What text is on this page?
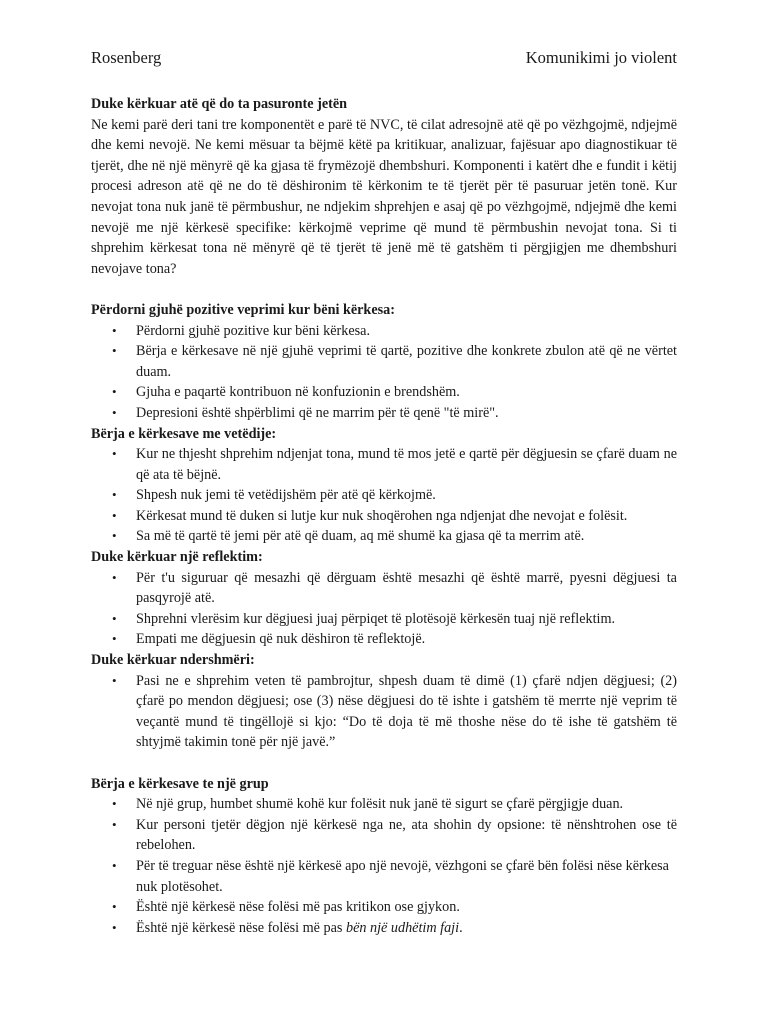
Rosenberg	Komunikimi jo violent

Duke kërkuar atë që do ta pasuronte jetën

Ne kemi parë deri tani tre komponentët e parë të NVC, të cilat adresojnë atë që po vëzhgojmë, ndjejmë dhe kemi nevojë. Ne kemi mësuar ta bëjmë këtë pa kritikuar, analizuar, fajësuar apo diagnostikuar të tjerët, dhe në një mënyrë që ka gjasa të frymëzojë dhembshuri. Komponenti i katërt dhe e fundit i këtij procesi adreson atë që ne do të dëshironim të kërkonim te të tjerët për të pasuruar jetën tonë. Kur nevojat tona nuk janë të përmbushur, ne ndjekim shprehjen e asaj që po vëzhgojmë, ndjejmë dhe kemi nevojë me një kërkesë specifike: kërkojmë veprime që mund të përmbushin nevojat tona. Si ti shprehim kërkesat tona në mënyrë që të tjerët të jenë më të gatshëm ti përgjigjen me dhembshuri nevojave tona?

Përdorni gjuhë pozitive veprimi kur bëni kërkesa:

• Përdorni gjuhë pozitive kur bëni kërkesa.
• Bërja e kërkesave në një gjuhë veprimi të qartë, pozitive dhe konkrete zbulon atë që ne vërtet duam.
• Gjuha e paqartë kontribuon në konfuzionin e brendshëm.
• Depresioni është shpërblimi që ne marrim për të qenë "të mirë".

Bërja e kërkesave me vetëdije:

• Kur ne thjesht shprehim ndjenjat tona, mund të mos jetë e qartë për dëgjuesin se çfarë duam ne që ata të bëjnë.
• Shpesh nuk jemi të vetëdijshëm për atë që kërkojmë.
• Kërkesat mund të duken si lutje kur nuk shoqërohen nga ndjenjat dhe nevojat e folësit.
• Sa më të qartë të jemi për atë që duam, aq më shumë ka gjasa që ta merrim atë.

Duke kërkuar një reflektim:

• Për t'u siguruar që mesazhi që dërguam është mesazhi që është marrë, pyesni dëgjuesi ta pasqyrojë atë.
• Shprehni vlerësim kur dëgjuesi juaj përpiqet të plotësojë kërkesën tuaj një reflektim.
• Empati me dëgjuesin që nuk dëshiron të reflektojë.

Duke kërkuar ndershmëri:

• Pasi ne e shprehim veten të pambrojtur, shpesh duam të dimë (1) çfarë ndjen dëgjuesi; (2) çfarë po mendon dëgjuesi; ose (3) nëse dëgjuesi do të ishte i gatshëm të merrte një veprim të veçantë mund të tingëllojë si kjo: “Do të doja të më thoshe nëse do të ishe të gatshëm të shtyjmë takimin tonë për një javë.”

Bërja e kërkesave te një grup

• Në një grup, humbet shumë kohë kur folësit nuk janë të sigurt se çfarë përgjigje duan.
• Kur personi tjetër dëgjon një kërkesë nga ne, ata shohin dy opsione: të nënshtrohen ose të rebelohen.
• Për të treguar nëse është një kërkesë apo një nevojë, vëzhgoni se çfarë bën folësi nëse kërkesa nuk plotësohet.
• Është një kërkesë nëse folësi më pas kritikon ose gjykon.
• Është një kërkesë nëse folësi më pas bën një udhëtim faji.
